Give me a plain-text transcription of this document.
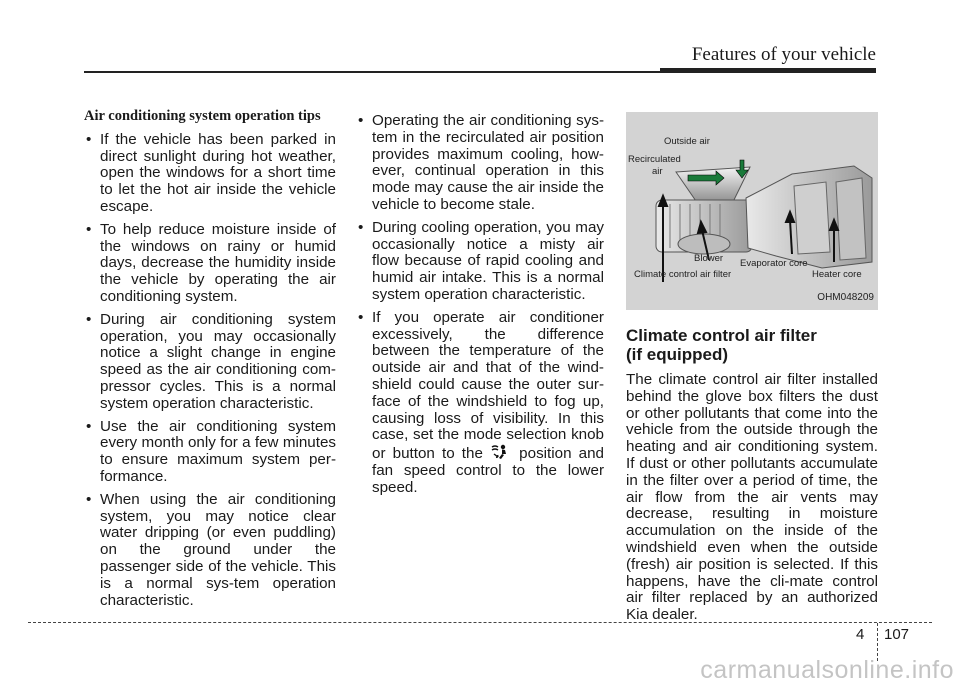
Features of your vehicle
Air conditioning system operation tips
• If the vehicle has been parked in direct sunlight during hot weather, open the windows for a short time to let the hot air inside the vehicle escape.
• To help reduce moisture inside of the windows on rainy or humid days, decrease the humidity inside the vehicle by operating the air conditioning system.
• During air conditioning system operation, you may occasionally notice a slight change in engine speed as the air conditioning com-pressor cycles. This is a normal system operation characteristic.
• Use the air conditioning system every month only for a few minutes to ensure maximum system per-formance.
• When using the air conditioning system, you may notice clear water dripping (or even puddling) on the ground under the passenger side of the vehicle. This is a normal sys-tem operation characteristic.
• Operating the air conditioning sys-tem in the recirculated air position provides maximum cooling, how-ever, continual operation in this mode may cause the air inside the vehicle to become stale.
• During cooling operation, you may occasionally notice a misty air flow because of rapid cooling and humid air intake. This is a normal system operation characteristic.
• If you operate air conditioner excessively, the difference between the temperature of the outside air and that of the wind-shield could cause the outer sur-face of the windshield to fog up, causing loss of visibility. In this case, set the mode selection knob or button to the position and fan speed control to the lower speed.
Outside air
Recirculated
air
Blower Evaporator core
Climate control air filter	Heater core
OHM048209
Climate control air filter
(if equipped)
The climate control air filter installed behind the glove box filters the dust or other pollutants that come into the vehicle from the outside through the heating and air conditioning system. If dust or other pollutants accumulate in the filter over a period of time, the air flow from the air vents may decrease, resulting in moisture accumulation on the inside of the windshield even when the outside (fresh) air position is selected. If this happens, have the cli-mate control air filter replaced by an authorized Kia dealer.
4 107
carmanualsonline.info
